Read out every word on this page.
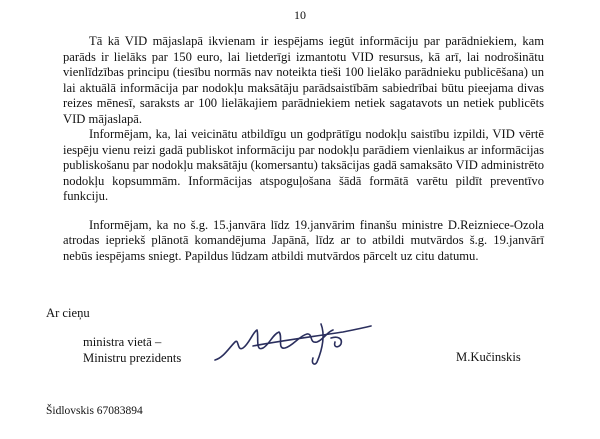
10

Tā kā VID mājaslapā ikvienam ir iespējams iegūt informāciju par parādniekiem, kam parāds ir lielāks par 150 euro, lai lietderīgi izmantotu VID resursus, kā arī, lai nodrošinātu vienlīdzības principu (tiesību normās nav noteikta tieši 100 lielāko parādnieku publicēšana) un lai aktuālā informācija par nodokļu maksātāju parādsaistībām sabiedrībai būtu pieejama divas reizes mēnesī, saraksts ar 100 lielākajiem parādniekiem netiek sagatavots un netiek publicēts VID mājaslapā.

Informējam, ka, lai veicinātu atbildīgu un godprātīgu nodokļu saistību izpildi, VID vērtē iespēju vienu reizi gadā publiskot informāciju par nodokļu parādiem vienlaikus ar informācijas publiskošanu par nodokļu maksātāju (komersantu) taksācijas gadā samaksāto VID administrēto nodokļu kopsummām. Informācijas atspoguļošana šādā formātā varētu pildīt preventīvo funkciju.

Informējam, ka no š.g. 15.janvāra līdz 19.janvārim finanšu ministre D.Reizniece-Ozola atrodas iepriekš plānotā komandējuma Japānā, līdz ar to atbildi mutvārdos š.g. 19.janvārī nebūs iespējams sniegt. Papildus lūdzam atbildi mutvārdos pārcelt uz citu datumu.

Ar cieņu
ministra vietā –
Ministru prezidents	M.Kučinskis
Šidlovskis 67083894
